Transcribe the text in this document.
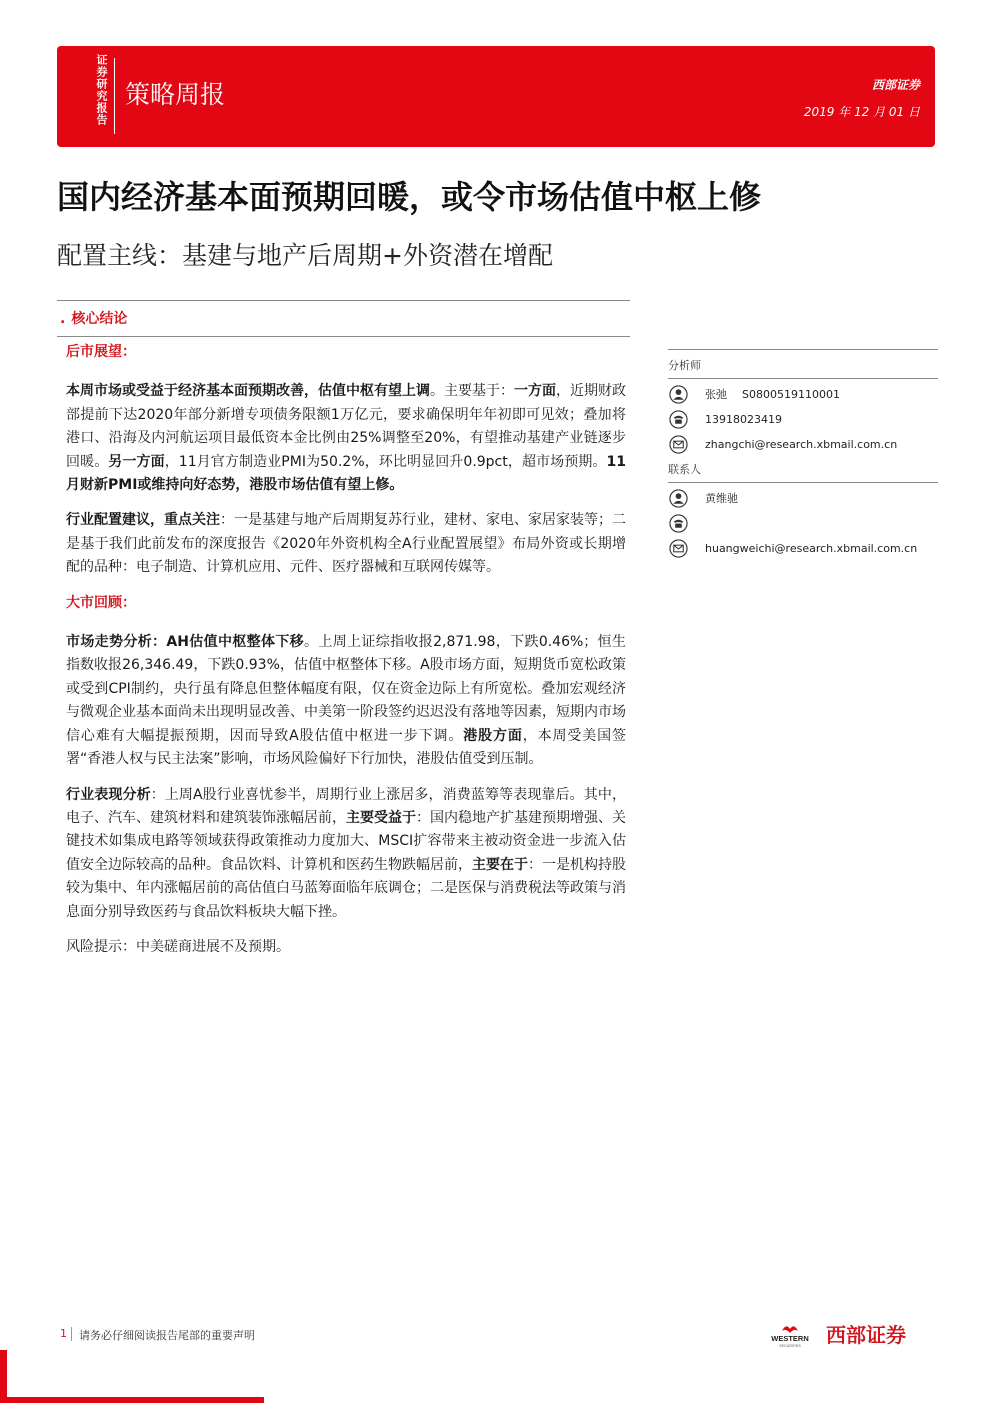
证券研究报告 策略周报	西部证券
2019 年 12 月 01 日
国内经济基本面预期回暖，或令市场估值中枢上修
配置主线：基建与地产后周期+外资潜在增配
. 核心结论

后市展望：

本周市场或受益于经济基本面预期改善，估值中枢有望上调。主要基于：一方面，近期财政部提前下达2020年部分新增专项债务限额1万亿元，要求确保明年年初即可见效；叠加将港口、沿海及内河航运项目最低资本金比例由25%调整至20%，有望推动基建产业链逐步回暖。另一方面，11月官方制造业PMI为50.2%，环比明显回升0.9pct，超市场预期。11月财新PMI或维持向好态势，港股市场估值有望上修。

行业配置建议，重点关注：一是基建与地产后周期复苏行业，建材、家电、家居家装等；二是基于我们此前发布的深度报告《2020年外资机构全A行业配置展望》布局外资或长期增配的品种：电子制造、计算机应用、元件、医疗器械和互联网传媒等。

大市回顾：

市场走势分析：AH估值中枢整体下移。上周上证综指收报2,871.98，下跌0.46%；恒生指数收报26,346.49，下跌0.93%，估值中枢整体下移。A股市场方面，短期货币宽松政策或受到CPI制约，央行虽有降息但整体幅度有限，仅在资金边际上有所宽松。叠加宏观经济与微观企业基本面尚未出现明显改善、中美第一阶段签约迟迟没有落地等因素，短期内市场信心难有大幅提振预期，因而导致A股估值中枢进一步下调。港股方面，本周受美国签署“香港人权与民主法案”影响，市场风险偏好下行加快，港股估值受到压制。

行业表现分析：上周A股行业喜忧参半，周期行业上涨居多，消费蓝筹等表现靠后。其中，电子、汽车、建筑材料和建筑装饰涨幅居前，主要受益于：国内稳地产扩基建预期增强、关键技术如集成电路等领域获得政策推动力度加大、MSCI扩容带来主被动资金进一步流入估值安全边际较高的品种。食品饮料、计算机和医药生物跌幅居前，主要在于：一是机构持股较为集中、年内涨幅居前的高估值白马蓝筹面临年底调仓；二是医保与消费税法等政策与消息面分别导致医药与食品饮料板块大幅下挫。

风险提示：中美磋商进展不及预期。

分析师
张弛 S0800519110001
13918023419
zhangchi@research.xbmail.com.cn
联系人
黄维驰
huangweichi@research.xbmail.com.cn
1 请务必仔细阅读报告尾部的重要声明	WESTERN
SECURITIES 西部证券
